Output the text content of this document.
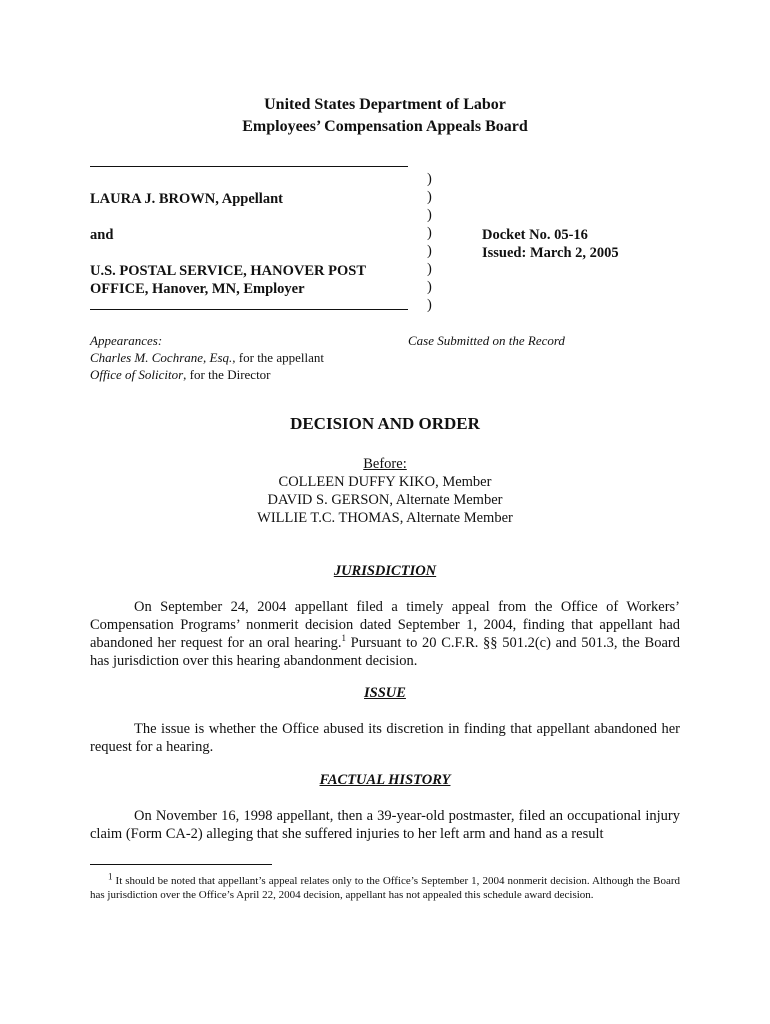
United States Department of Labor
Employees’ Compensation Appeals Board
LAURA J. BROWN, Appellant
and
U.S. POSTAL SERVICE, HANOVER POST
OFFICE, Hanover, MN, Employer
)
)
)
)
)
)
)
)
Docket No. 05-16
Issued: March 2, 2005
Appearances:
Charles M. Cochrane, Esq., for the appellant
Office of Solicitor, for the Director
Case Submitted on the Record
DECISION AND ORDER
Before:
COLLEEN DUFFY KIKO, Member
DAVID S. GERSON, Alternate Member
WILLIE T.C. THOMAS, Alternate Member
JURISDICTION
On September 24, 2004 appellant filed a timely appeal from the Office of Workers’ Compensation Programs’ nonmerit decision dated September 1, 2004, finding that appellant had abandoned her request for an oral hearing.$^1$ Pursuant to 20 C.F.R. §§ 501.2(c) and 501.3, the Board has jurisdiction over this hearing abandonment decision.
ISSUE
The issue is whether the Office abused its discretion in finding that appellant abandoned her request for a hearing.
FACTUAL HISTORY
On November 16, 1998 appellant, then a 39-year-old postmaster, filed an occupational injury claim (Form CA-2) alleging that she suffered injuries to her left arm and hand as a result
$^1$ It should be noted that appellant’s appeal relates only to the Office’s September 1, 2004 nonmerit decision. Although the Board has jurisdiction over the Office’s April 22, 2004 decision, appellant has not appealed this schedule award decision.
